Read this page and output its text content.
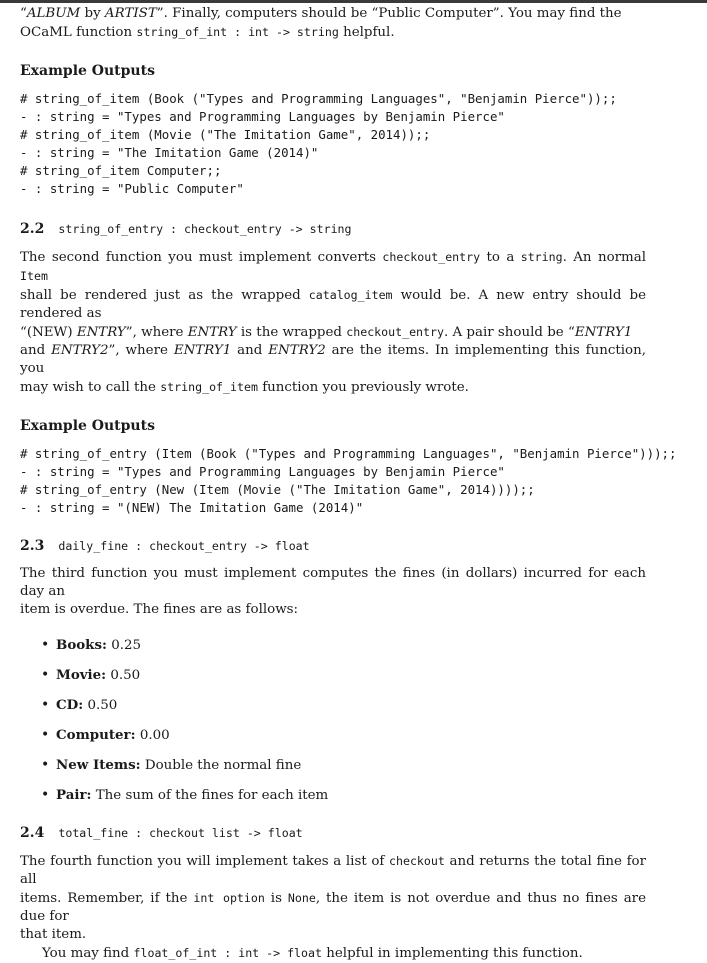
“ALBUM by ARTIST”. Finally, computers should be “Public Computer”. You may find the

OCaML function string_of_int : int -> string helpful.

Example Outputs
# string_of_item (Book ("Types and Programming Languages", "Benjamin Pierce"));;
- : string = "Types and Programming Languages by Benjamin Pierce"
# string_of_item (Movie ("The Imitation Game", 2014));;
- : string = "The Imitation Game (2014)"
# string_of_item Computer;;
- : string = "Public Computer"
2.2 string_of_entry : checkout_entry -> string

The second function you must implement converts checkout_entry to a string. An normal Item

shall be rendered just as the wrapped catalog_item would be. A new entry should be rendered as

“(NEW) ENTRY”, where ENTRY is the wrapped checkout_entry. A pair should be “ENTRY1

and ENTRY2”, where ENTRY1 and ENTRY2 are the items. In implementing this function, you

may wish to call the string_of_item function you previously wrote.

Example Outputs
# string_of_entry (Item (Book ("Types and Programming Languages", "Benjamin Pierce")));;
- : string = "Types and Programming Languages by Benjamin Pierce"
# string_of_entry (New (Item (Movie ("The Imitation Game", 2014))));;
- : string = "(NEW) The Imitation Game (2014)"
2.3 daily_fine : checkout_entry -> float

The third function you must implement computes the fines (in dollars) incurred for each day an

item is overdue. The fines are as follows:

• Books: 0.25
• Movie: 0.50
• CD: 0.50
• Computer: 0.00
• New Items: Double the normal fine
• Pair: The sum of the fines for each item
2.4 total_fine : checkout list -> float

The fourth function you will implement takes a list of checkout and returns the total fine for all

items. Remember, if the int option is None, the item is not overdue and thus no fines are due for

that item.

You may find float_of_int : int -> float helpful in implementing this function.
